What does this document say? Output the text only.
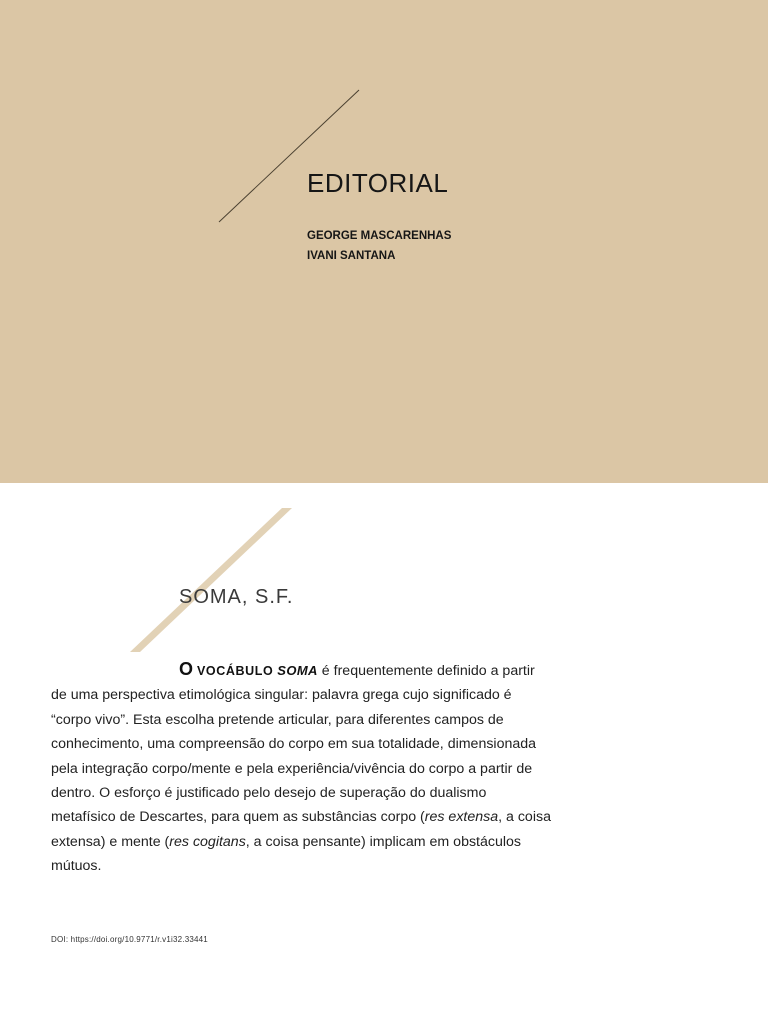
EDITORIAL
GEORGE MASCARENHAS
IVANI SANTANA
SOMA, S.F.

O VOCÁBULO SOMA é frequentemente definido a partir
de uma perspectiva etimológica singular: palavra grega cujo significado é “corpo vivo”. Esta escolha pretende articular, para diferentes campos de conhecimento, uma compreensão do corpo em sua totalidade, dimensionada pela integração corpo/mente e pela experiência/vivência do corpo a partir de dentro. O esforço é justificado pelo desejo de superação do dualismo metafísico de Descartes, para quem as substâncias corpo (res extensa, a coisa extensa) e mente (res cogitans, a coisa pensante) implicam em obstáculos mútuos.

DOI: https://doi.org/10.9771/r.v1i32.33441
